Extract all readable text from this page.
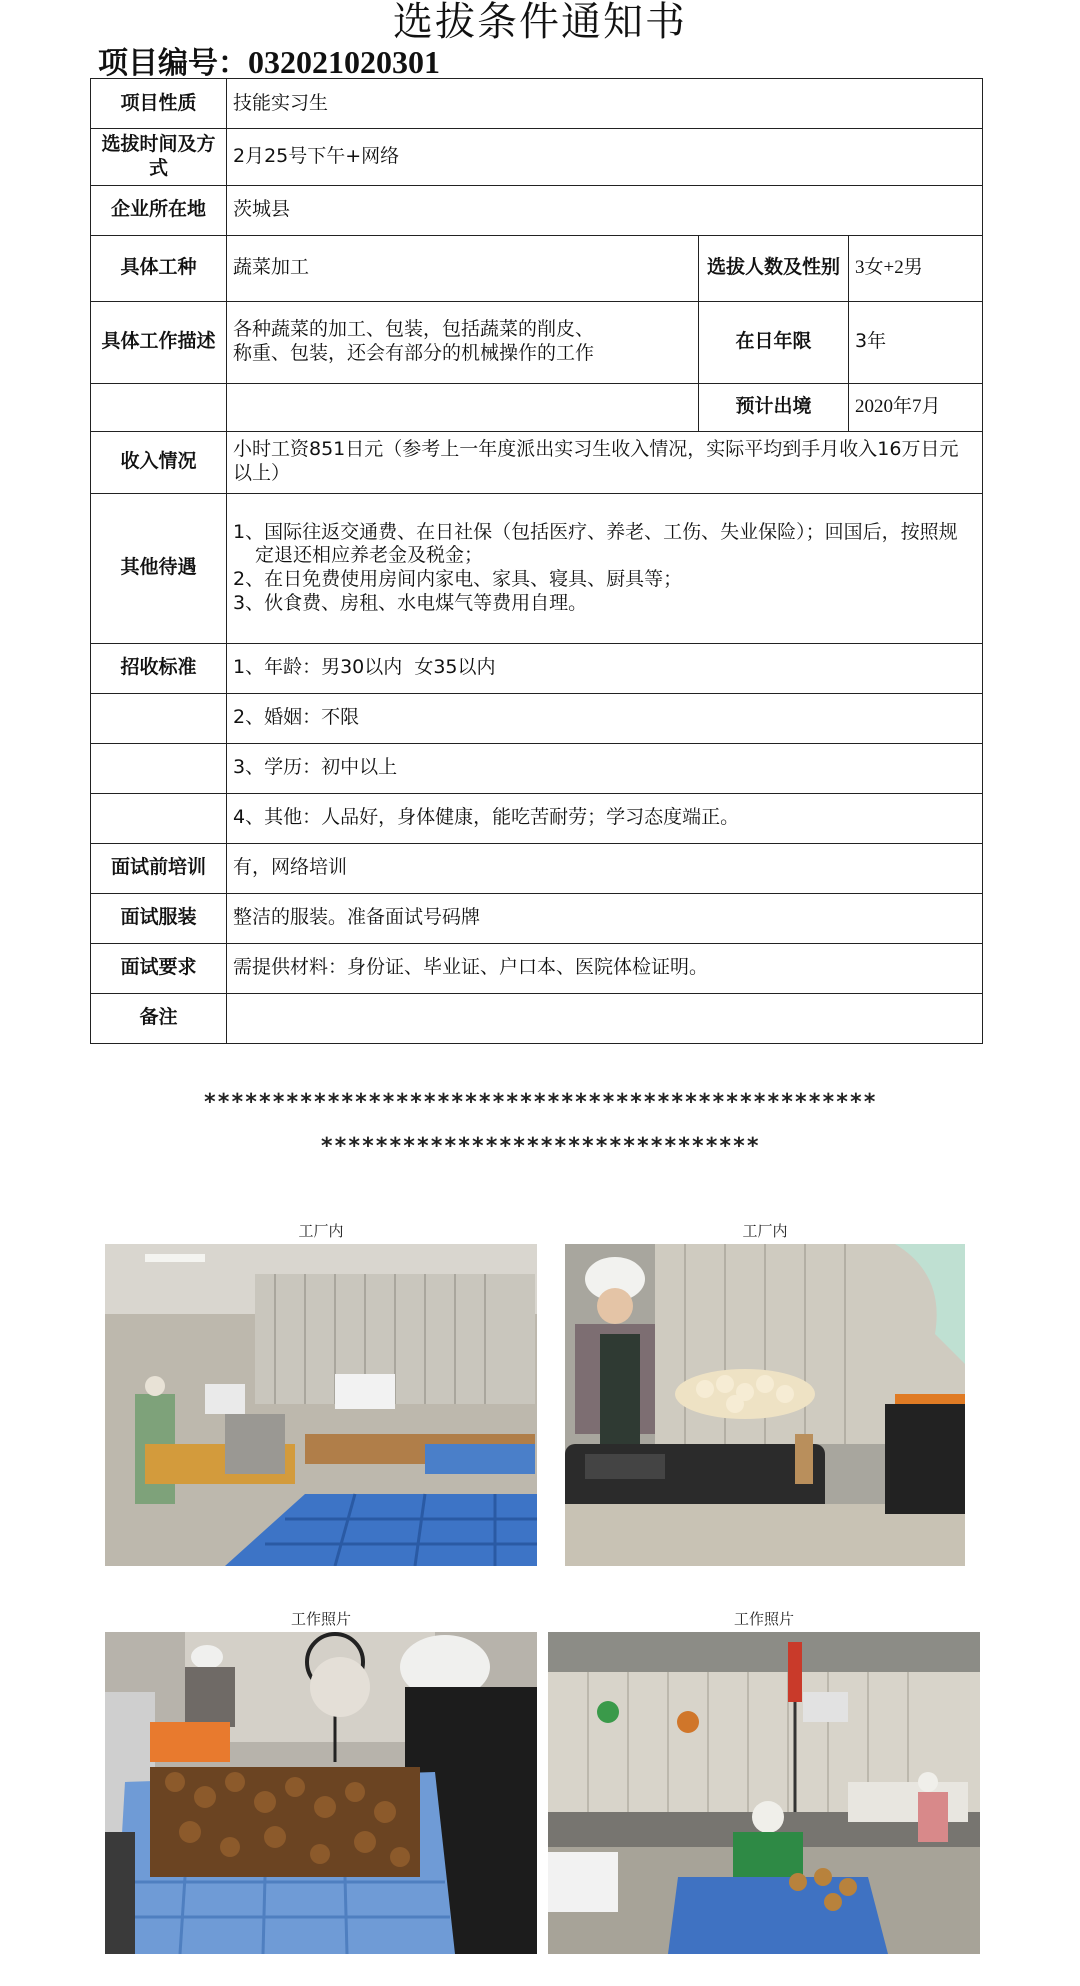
选拔条件通知书
项目编号：032021020301
项目性质	技能实习生		
选拔时间及方式	2月25号下午+网络		
企业所在地	茨城县		
具体工种	蔬菜加工	选拔人数及性别	3女+2男
具体工作描述	各种蔬菜的加工、包装，包括蔬菜的削皮、称重、包装，还会有部分的机械操作的工作	在日年限	3年
		预计出境	2020年7月
收入情况	小时工资851日元（参考上一年度派出实习生收入情况，实际平均到手月收入16万日元以上）		
其他待遇	1、国际往返交通费、在日社保（包括医疗、养老、工伤、失业保险）；回国后，按照规定退还相应养老金及税金；
2、在日免费使用房间内家电、家具、寝具、厨具等；
3、伙食费、房租、水电煤气等费用自理。		

招收标准	1、年龄：男30以内  女35以内		
	2、婚姻：不限		
	3、学历：初中以上		
	4、其他：人品好，身体健康，能吃苦耐劳；学习态度端正。		
面试前培训	有，网络培训		
面试服装	整洁的服装。准备面试号码牌		
面试要求	需提供材料：身份证、毕业证、户口本、医院体检证明。		
备注			
*************************************************
********************************
工厂内	工厂内
工作照片	工作照片
